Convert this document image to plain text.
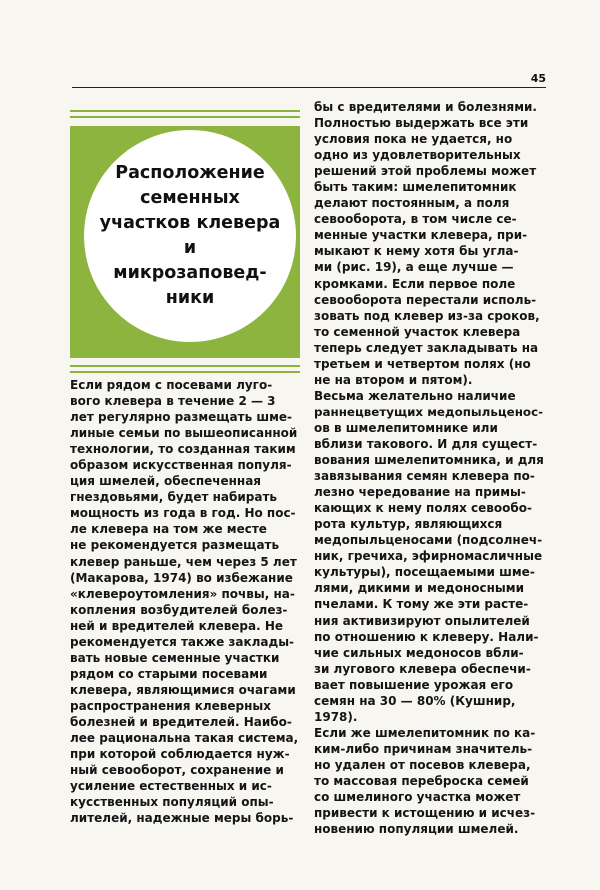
45
Расположение
семенных
участков клевера
и
микрозаповед-
ники
Если рядом с посевами луго-
вого клевера в течение 2 — 3
лет регулярно размещать шме-
линые семьи по вышеописанной
технологии, то созданная таким
образом искусственная популя-
ция шмелей, обеспеченная
гнездовьями, будет набирать
мощность из года в год. Но пос-
ле клевера на том же месте
не рекомендуется размещать
клевер раньше, чем через 5 лет
(Макарова, 1974) во избежание
«клевероутомления» почвы, на-
копления возбудителей болез-
ней и вредителей клевера. Не
рекомендуется также заклады-
вать новые семенные участки
рядом со старыми посевами
клевера, являющимися очагами
распространения клеверных
болезней и вредителей. Наибо-
лее рациональна такая система,
при которой соблюдается нуж-
ный севооборот, сохранение и
усиление естественных и ис-
кусственных популяций опы-
лителей, надежные меры борь-
бы с вредителями и болезнями.
Полностью выдержать все эти
условия пока не удается, но
одно из удовлетворительных
решений этой проблемы может
быть таким: шмелепитомник
делают постоянным, а поля
севооборота, в том числе се-
менные участки клевера, при-
мыкают к нему хотя бы угла-
ми (рис. 19), а еще лучше —
кромками. Если первое поле
севооборота перестали исполь-
зовать под клевер из-за сроков,
то семенной участок клевера
теперь следует закладывать на
третьем и четвертом полях (но
не на втором и пятом).
Весьма желательно наличие
раннецветущих медопыльценос-
ов в шмелепитомнике или
вблизи такового. И для сущест-
вования шмелепитомника, и для
завязывания семян клевера по-
лезно чередование на примы-
кающих к нему полях севообо-
рота культур, являющихся
медопыльценосами (подсолнеч-
ник, гречиха, эфирномасличные
культуры), посещаемыми шме-
лями, дикими и медоносными
пчелами. К тому же эти расте-
ния активизируют опылителей
по отношению к клеверу. Нали-
чие сильных медоносов вбли-
зи лугового клевера обеспечи-
вает повышение урожая его
семян на 30 — 80% (Кушнир,
1978).
Если же шмелепитомник по ка-
ким-либо причинам значитель-
но удален от посевов клевера,
то массовая переброска семей
со шмелиного участка может
привести к истощению и исчез-
новению популяции шмелей.
